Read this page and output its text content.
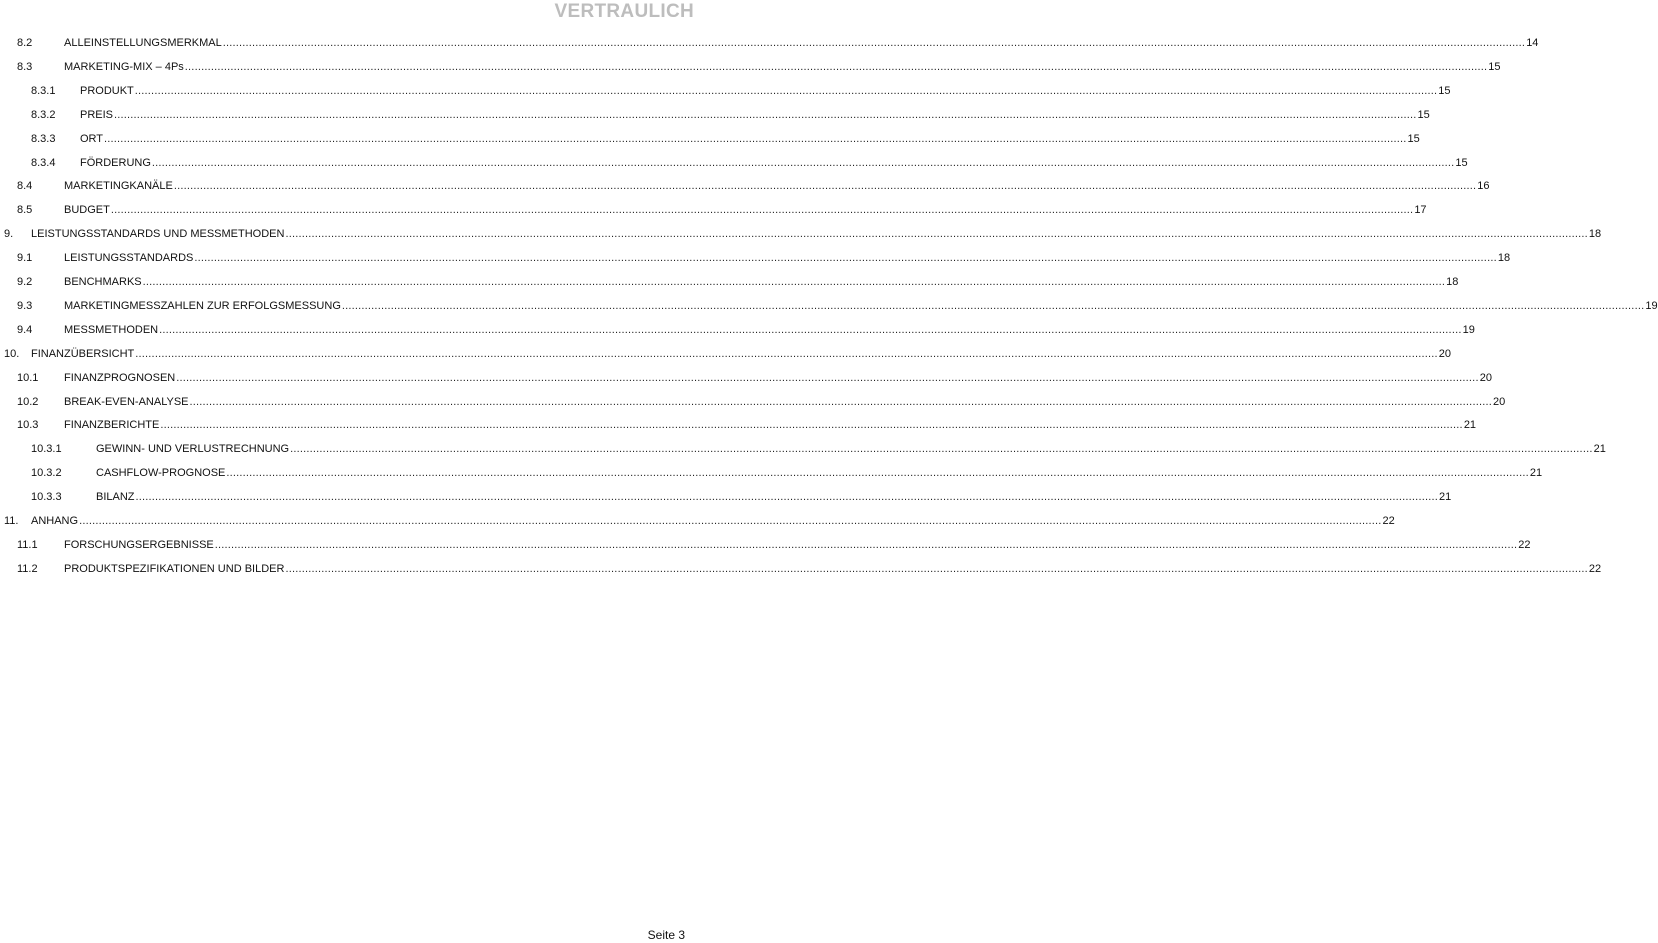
VERTRAULICH
8.2	ALLEINSTELLUNGSMERKMAL ................................................................................................................................................................................................................................................................................................................................................................................................................ 14
8.3	MARKETING-MIX – 4Ps ................................................................................................................................................................................................................................................................................................................................................................................................................ 15
8.3.1 PRODUKT ................................................................................................................................................................................................................................................................................................................................................................................................................ 15
8.3.2 PREIS ................................................................................................................................................................................................................................................................................................................................................................................................................ 15
8.3.3 ORT ................................................................................................................................................................................................................................................................................................................................................................................................................ 15
8.3.4 FÖRDERUNG ................................................................................................................................................................................................................................................................................................................................................................................................................ 15
8.4	MARKETINGKANÄLE ................................................................................................................................................................................................................................................................................................................................................................................................................ 16
8.5	BUDGET ................................................................................................................................................................................................................................................................................................................................................................................................................ 17
9. LEISTUNGSSTANDARDS UND MESSMETHODEN ................................................................................................................................................................................................................................................................................................................................................................................................................ 18
9.1	LEISTUNGSSTANDARDS ................................................................................................................................................................................................................................................................................................................................................................................................................ 18
9.2	BENCHMARKS ................................................................................................................................................................................................................................................................................................................................................................................................................ 18
9.3	MARKETINGMESSZAHLEN ZUR ERFOLGSMESSUNG ................................................................................................................................................................................................................................................................................................................................................................................................................ 19
9.4	MESSMETHODEN ................................................................................................................................................................................................................................................................................................................................................................................................................ 19
10. FINANZÜBERSICHT ................................................................................................................................................................................................................................................................................................................................................................................................................ 20
10.1 FINANZPROGNOSEN ................................................................................................................................................................................................................................................................................................................................................................................................................ 20
10.2 BREAK-EVEN-ANALYSE ................................................................................................................................................................................................................................................................................................................................................................................................................ 20
10.3 FINANZBERICHTE ................................................................................................................................................................................................................................................................................................................................................................................................................ 21
10.3.1	GEWINN- UND VERLUSTRECHNUNG ................................................................................................................................................................................................................................................................................................................................................................................................................ 21
10.3.2	CASHFLOW-PROGNOSE ................................................................................................................................................................................................................................................................................................................................................................................................................ 21
10.3.3	BILANZ ................................................................................................................................................................................................................................................................................................................................................................................................................ 21
11. ANHANG ................................................................................................................................................................................................................................................................................................................................................................................................................ 22
11.1 FORSCHUNGSERGEBNISSE ................................................................................................................................................................................................................................................................................................................................................................................................................ 22
11.2 PRODUKTSPEZIFIKATIONEN UND BILDER ................................................................................................................................................................................................................................................................................................................................................................................................................ 22
Seite 3
